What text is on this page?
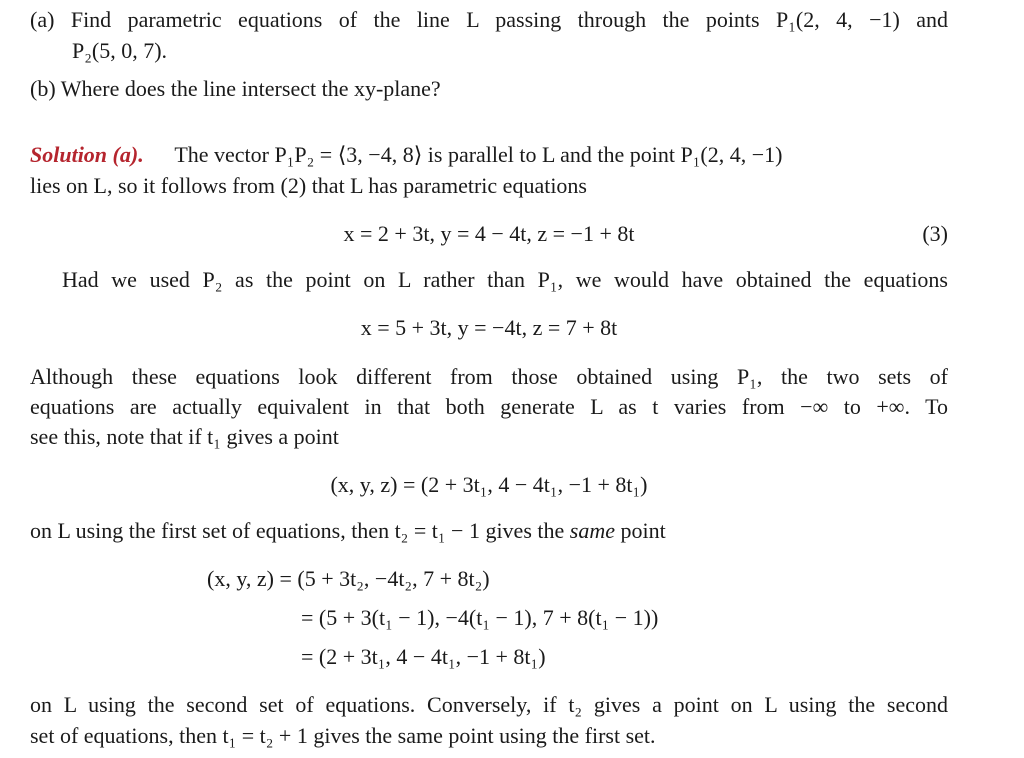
(a) Find parametric equations of the line L passing through the points P₁(2, 4, −1) and
P₂(5, 0, 7).
(b) Where does the line intersect the xy-plane?
Solution (a). The vector P₁P₂ = ⟨3, −4, 8⟩ is parallel to L and the point P₁(2, 4, −1)
lies on L, so it follows from (2) that L has parametric equations
x = 2 + 3t, y = 4 − 4t, z = −1 + 8t	(3)
Had we used P₂ as the point on L rather than P₁, we would have obtained the equations
x = 5 + 3t, y = −4t, z = 7 + 8t
Although these equations look different from those obtained using P₁, the two sets of
equations are actually equivalent in that both generate L as t varies from −∞ to +∞. To
see this, note that if t₁ gives a point
(x, y, z) = (2 + 3t₁, 4 − 4t₁, −1 + 8t₁)
on L using the first set of equations, then t₂ = t₁ − 1 gives the same point
(x, y, z) = (5 + 3t₂, −4t₂, 7 + 8t₂)
= (5 + 3(t₁ − 1), −4(t₁ − 1), 7 + 8(t₁ − 1))
= (2 + 3t₁, 4 − 4t₁, −1 + 8t₁)
on L using the second set of equations. Conversely, if t₂ gives a point on L using the second
set of equations, then t₁ = t₂ + 1 gives the same point using the first set.
